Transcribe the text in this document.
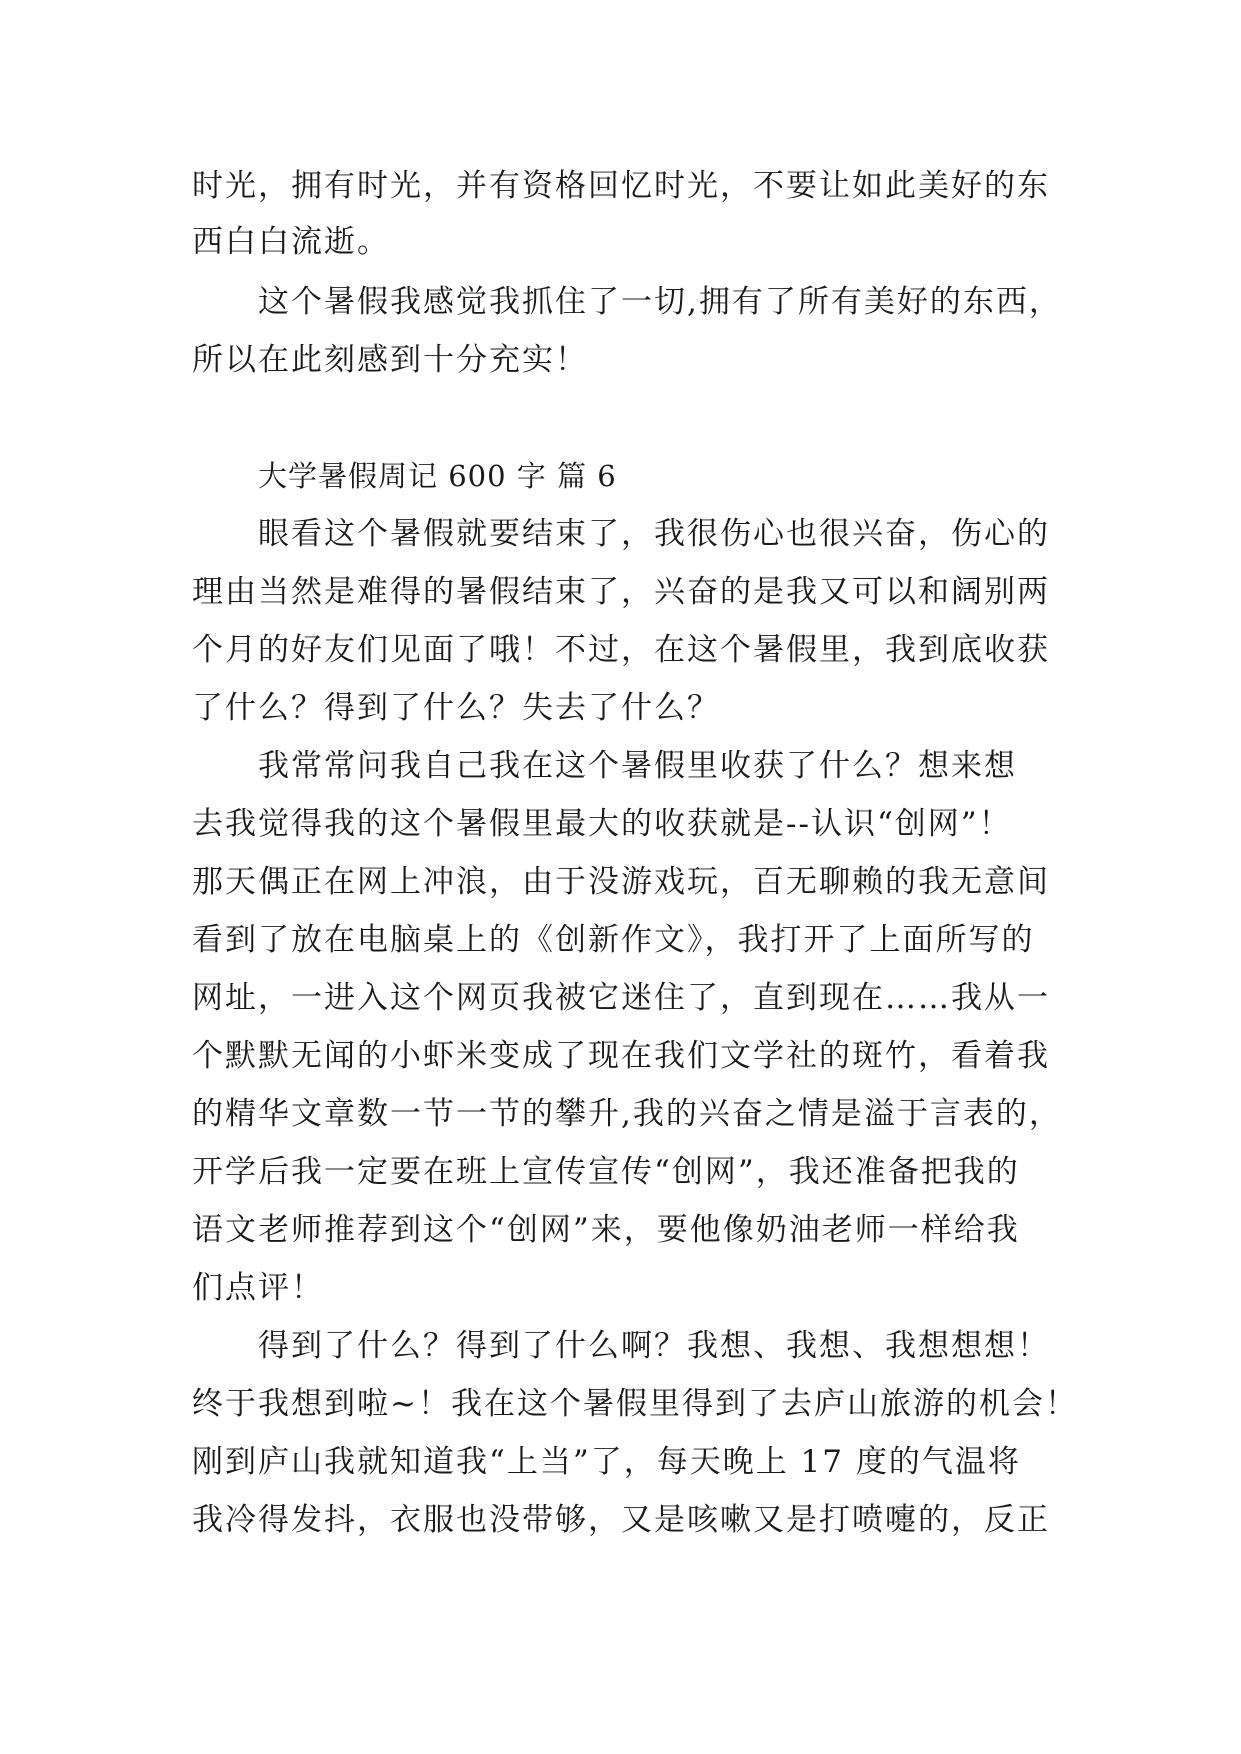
时光，拥有时光，并有资格回忆时光，不要让如此美好的东
西白白流逝。
这个暑假我感觉我抓住了一切,拥有了所有美好的东西，
所以在此刻感到十分充实！
大学暑假周记 600 字 篇 6
眼看这个暑假就要结束了，我很伤心也很兴奋，伤心的
理由当然是难得的暑假结束了，兴奋的是我又可以和阔别两
个月的好友们见面了哦！不过，在这个暑假里，我到底收获
了什么？得到了什么？失去了什么？
我常常问我自己我在这个暑假里收获了什么？想来想
去我觉得我的这个暑假里最大的收获就是--认识“创网”！
那天偶正在网上冲浪，由于没游戏玩，百无聊赖的我无意间
看到了放在电脑桌上的《创新作文》，我打开了上面所写的
网址，一进入这个网页我被它迷住了，直到现在……我从一
个默默无闻的小虾米变成了现在我们文学社的斑竹，看着我
的精华文章数一节一节的攀升,我的兴奋之情是溢于言表的，
开学后我一定要在班上宣传宣传“创网”，我还准备把我的
语文老师推荐到这个“创网”来，要他像奶油老师一样给我
们点评！
得到了什么？得到了什么啊？我想、我想、我想想想！
终于我想到啦~！我在这个暑假里得到了去庐山旅游的机会！
刚到庐山我就知道我“上当”了，每天晚上 17 度的气温将
我冷得发抖，衣服也没带够，又是咳嗽又是打喷嚏的，反正
